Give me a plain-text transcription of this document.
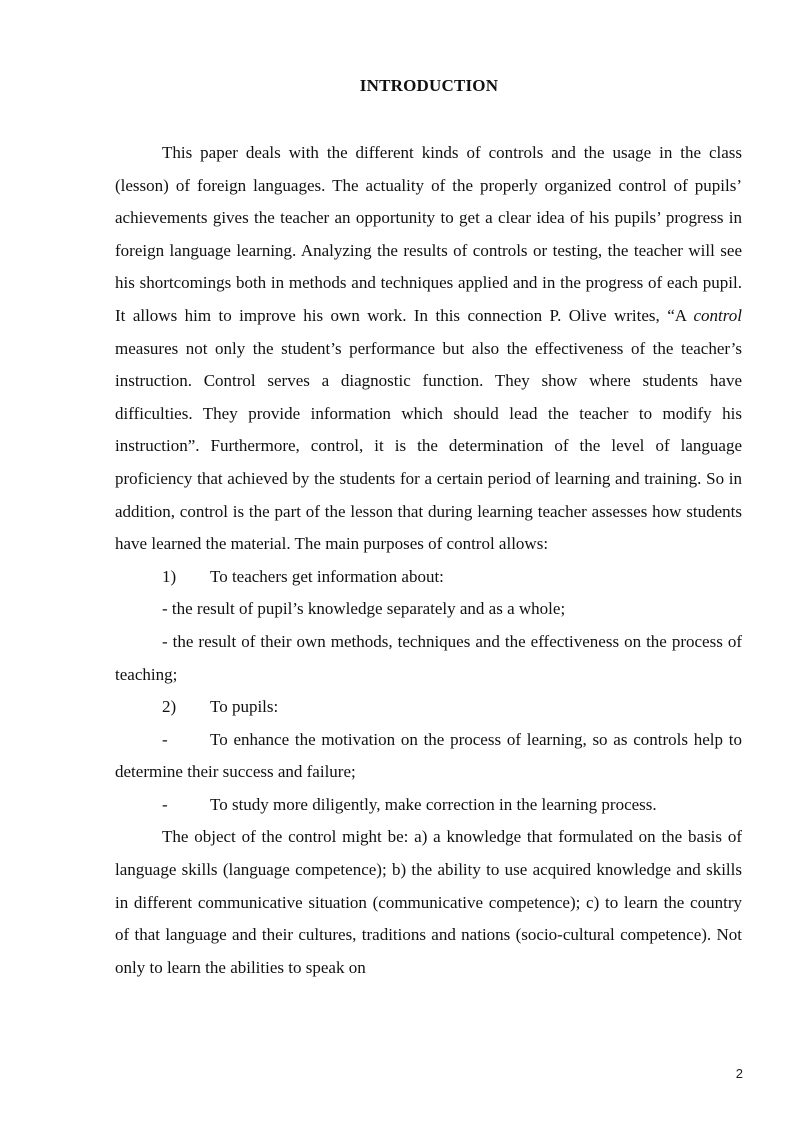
INTRODUCTION

This paper deals with the different kinds of controls and the usage in the class (lesson) of foreign languages. The actuality of the properly organized control of pupils’ achievements gives the teacher an opportunity to get a clear idea of his pupils’ progress in foreign language learning. Analyzing the results of controls or testing, the teacher will see his shortcomings both in methods and techniques applied and in the progress of each pupil. It allows him to improve his own work. In this connection P. Olive writes, “A control measures not only the student’s performance but also the effectiveness of the teacher’s instruction. Control serves a diagnostic function. They show where students have difficulties. They provide information which should lead the teacher to modify his instruction”. Furthermore, control, it is the determination of the level of language proficiency that achieved by the students for a certain period of learning and training. So in addition, control is the part of the lesson that during learning teacher assesses how students have learned the material. The main purposes of control allows:

1) To teachers get information about:

- the result of pupil’s knowledge separately and as a whole;

- the result of their own methods, techniques and the effectiveness on the process of teaching;

2) To pupils:

- To enhance the motivation on the process of learning, so as controls help to determine their success and failure;

- To study more diligently, make correction in the learning process.

The object of the control might be: a) a knowledge that formulated on the basis of language skills (language competence); b) the ability to use acquired knowledge and skills in different communicative situation (communicative competence); c) to learn the country of that language and their cultures, traditions and nations (socio-cultural competence). Not only to learn the abilities to speak on

2
